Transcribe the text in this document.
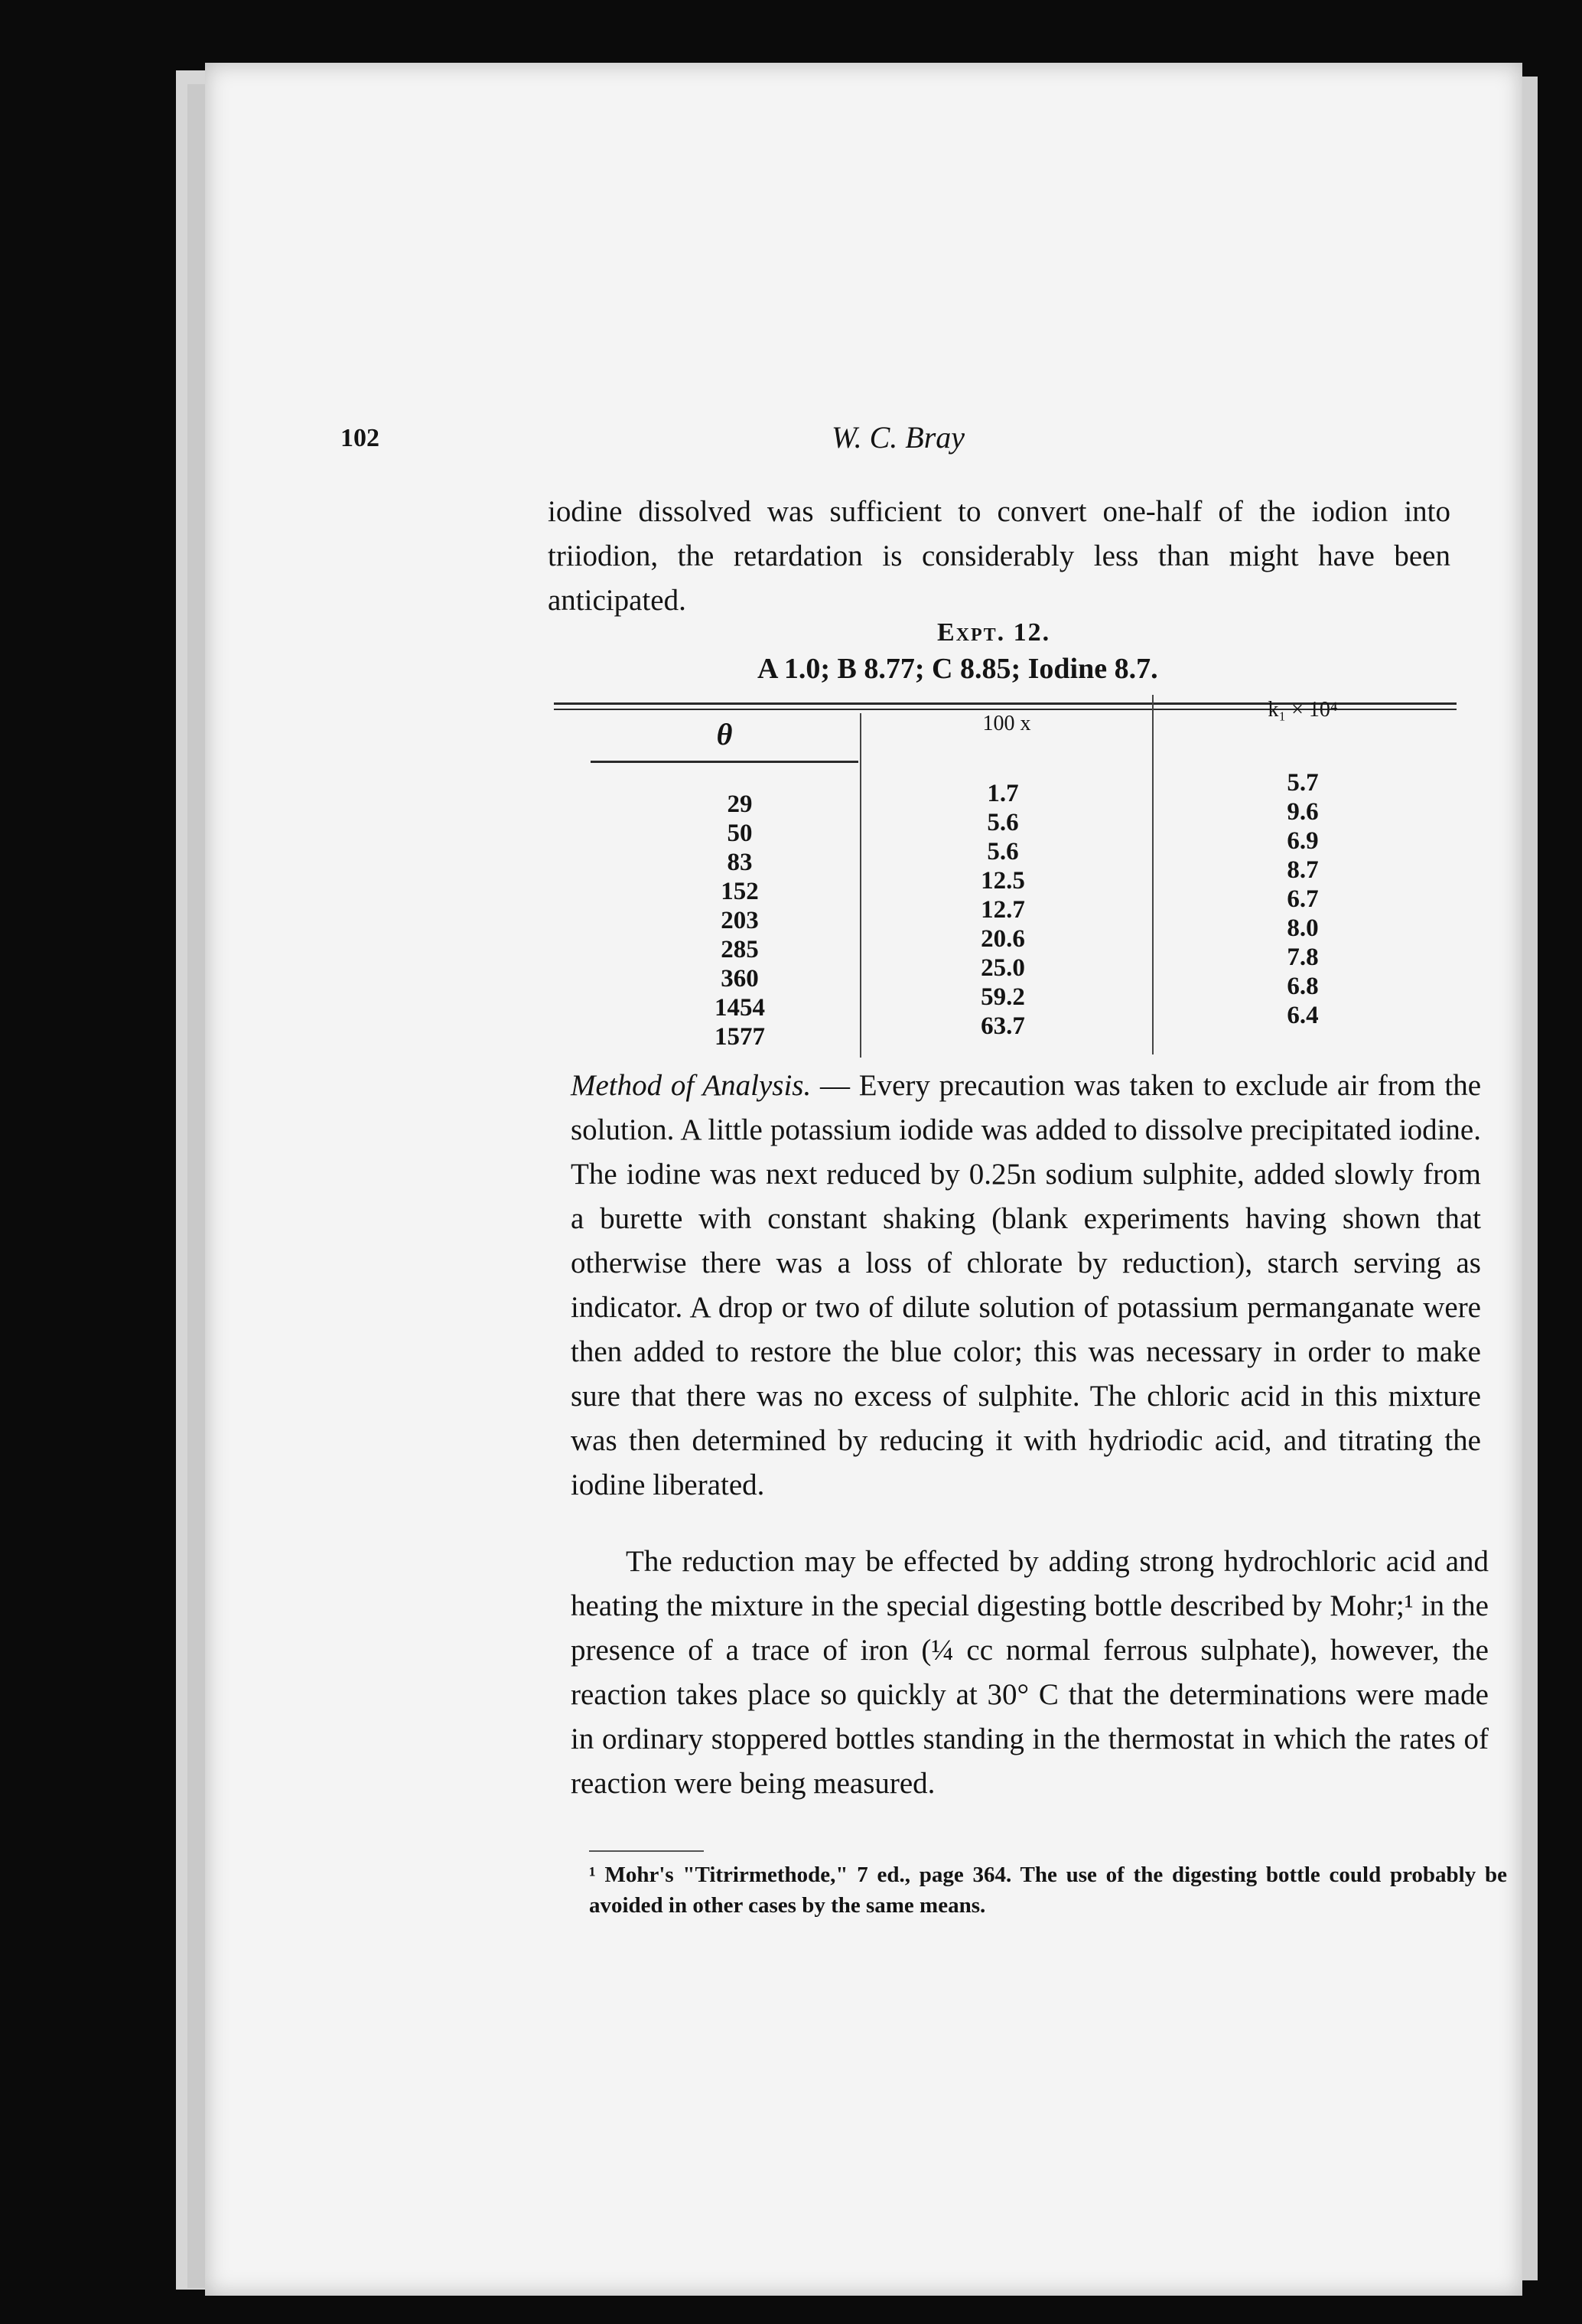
102	W. C. Bray
iodine dissolved was sufficient to convert one-half of the iodion into triiodion, the retardation is considerably less than might have been anticipated.
Expt. 12.
A 1.0; B 8.77; C 8.85; Iodine 8.7.
θ	100 x
k₁ × 10⁴
29
50
83
152
203
285
360
1454
1577
1.7
5.6
5.6
12.5
12.7
20.6
25.0
59.2
63.7
5.7
9.6
6.9
8.7
6.7
8.0
7.8
6.8
6.4
Method of Analysis. — Every precaution was taken to exclude air from the solution. A little potassium iodide was added to dissolve precipitated iodine. The iodine was next reduced by 0.25n sodium sulphite, added slowly from a burette with constant shaking (blank experiments having shown that otherwise there was a loss of chlorate by reduction), starch serving as indicator. A drop or two of dilute solution of potassium permanganate were then added to restore the blue color; this was necessary in order to make sure that there was no excess of sulphite. The chloric acid in this mixture was then determined by reducing it with hydriodic acid, and titrating the iodine liberated.
The reduction may be effected by adding strong hydrochloric acid and heating the mixture in the special digesting bottle described by Mohr;¹ in the presence of a trace of iron (¼ cc normal ferrous sulphate), however, the reaction takes place so quickly at 30° C that the determinations were made in ordinary stoppered bottles standing in the thermostat in which the rates of reaction were being measured.
¹ Mohr's "Titrirmethode," 7 ed., page 364. The use of the digesting bottle could probably be avoided in other cases by the same means.
